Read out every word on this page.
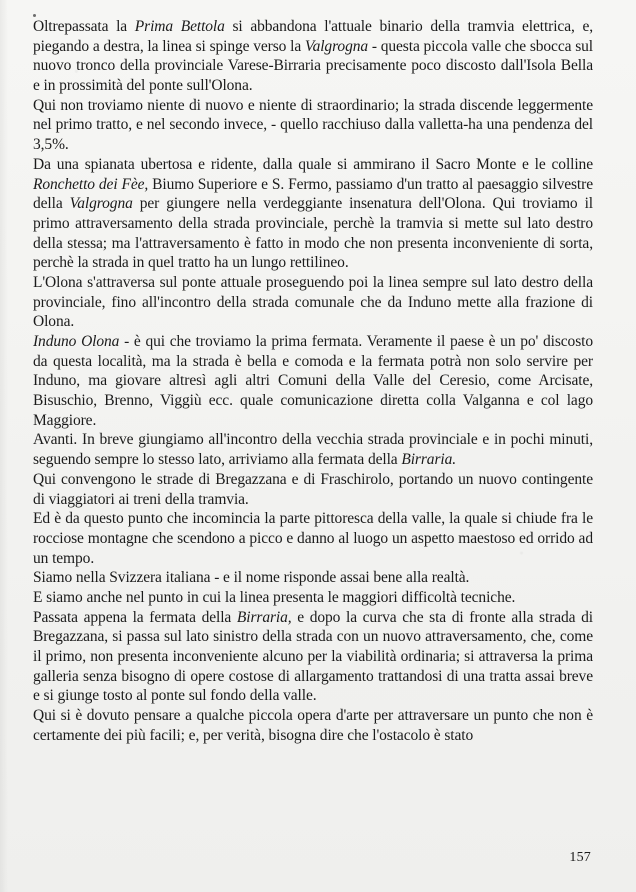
Oltrepassata la Prima Bettola si abbandona l'attuale binario della tramvia elettrica, e, piegando a destra, la linea si spinge verso la Valgrogna - questa piccola valle che sbocca sul nuovo tronco della provinciale Varese-Birraria precisamente poco discosto dall'Isola Bella e in prossimità del ponte sull'Olona.

Qui non troviamo niente di nuovo e niente di straordinario; la strada discende leggermente nel primo tratto, e nel secondo invece, - quello racchiuso dalla valletta-ha una pendenza del 3,5%.

Da una spianata ubertosa e ridente, dalla quale si ammirano il Sacro Monte e le colline Ronchetto dei Fèe, Biumo Superiore e S. Fermo, passiamo d'un tratto al paesaggio silvestre della Valgrogna per giungere nella verdeggiante insenatura dell'Olona. Qui troviamo il primo attraversamento della strada provinciale, perchè la tramvia si mette sul lato destro della stessa; ma l'attraversamento è fatto in modo che non presenta inconveniente di sorta, perchè la strada in quel tratto ha un lungo rettilineo.

L'Olona s'attraversa sul ponte attuale proseguendo poi la linea sempre sul lato destro della provinciale, fino all'incontro della strada comunale che da Induno mette alla frazione di Olona.

Induno Olona - è qui che troviamo la prima fermata. Veramente il paese è un po' discosto da questa località, ma la strada è bella e comoda e la fermata potrà non solo servire per Induno, ma giovare altresì agli altri Comuni della Valle del Ceresio, come Arcisate, Bisuschio, Brenno, Viggiù ecc. quale comunicazione diretta colla Valganna e col lago Maggiore.

Avanti. In breve giungiamo all'incontro della vecchia strada provinciale e in pochi minuti, seguendo sempre lo stesso lato, arriviamo alla fermata della Birraria.

Qui convengono le strade di Bregazzana e di Fraschirolo, portando un nuovo contingente di viaggiatori ai treni della tramvia.

Ed è da questo punto che incomincia la parte pittoresca della valle, la quale si chiude fra le rocciose montagne che scendono a picco e danno al luogo un aspetto maestoso ed orrido ad un tempo.

Siamo nella Svizzera italiana - e il nome risponde assai bene alla realtà.

E siamo anche nel punto in cui la linea presenta le maggiori difficoltà tecniche.

Passata appena la fermata della Birraria, e dopo la curva che sta di fronte alla strada di Bregazzana, si passa sul lato sinistro della strada con un nuovo attraversamento, che, come il primo, non presenta inconveniente alcuno per la viabilità ordinaria; si attraversa la prima galleria senza bisogno di opere costose di allargamento trattandosi di una tratta assai breve e si giunge tosto al ponte sul fondo della valle.

Qui si è dovuto pensare a qualche piccola opera d'arte per attraversare un punto che non è certamente dei più facili; e, per verità, bisogna dire che l'ostacolo è stato

157
